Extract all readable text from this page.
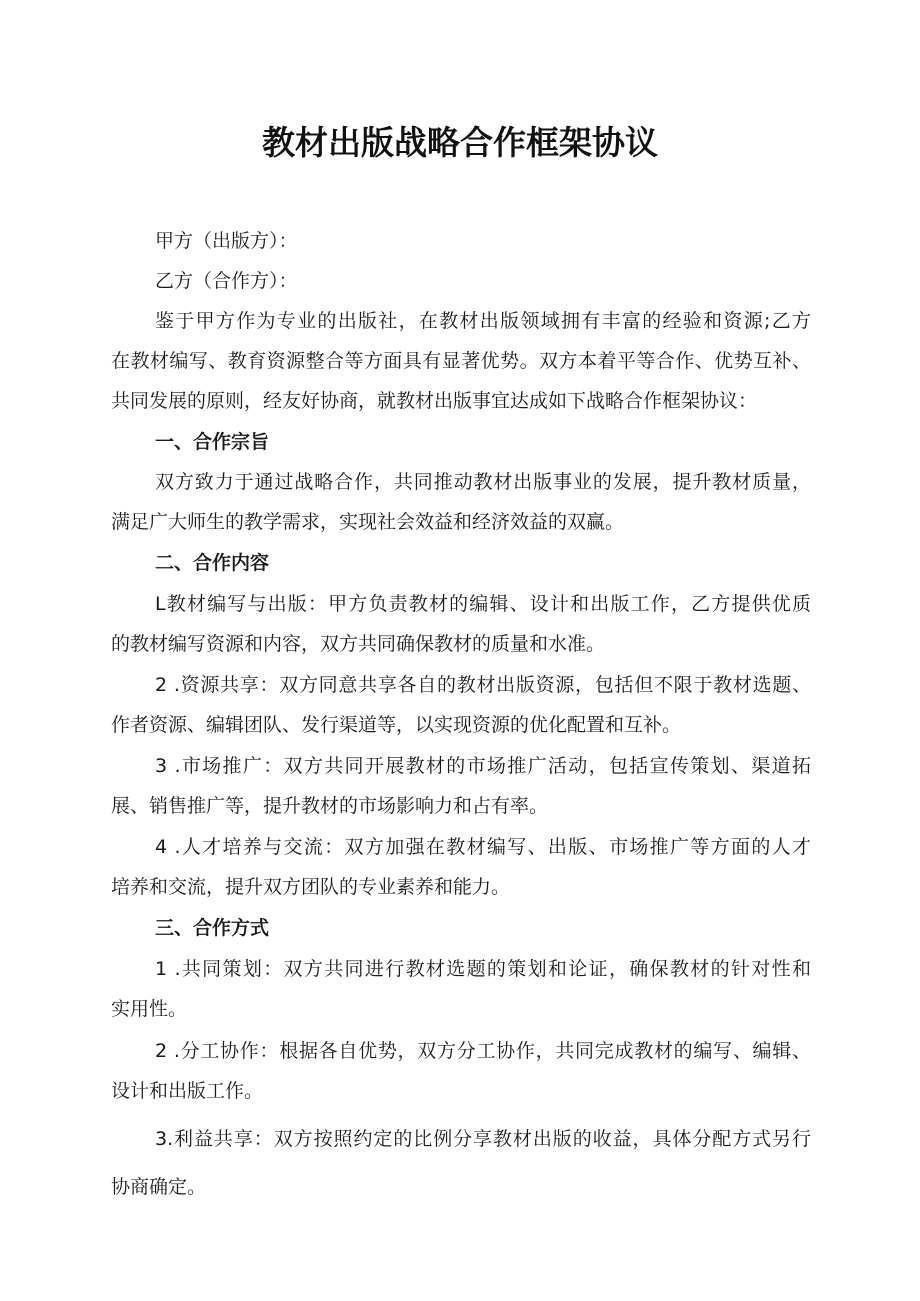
教材出版战略合作框架协议
甲方（出版方）：
乙方（合作方）：
鉴于甲方作为专业的出版社，在教材出版领域拥有丰富的经验和资源;乙方
在教材编写、教育资源整合等方面具有显著优势。双方本着平等合作、优势互补、
共同发展的原则，经友好协商，就教材出版事宜达成如下战略合作框架协议：
一、合作宗旨
双方致力于通过战略合作，共同推动教材出版事业的发展，提升教材质量，
满足广大师生的教学需求，实现社会效益和经济效益的双赢。
二、合作内容
L教材编写与出版：甲方负责教材的编辑、设计和出版工作，乙方提供优质
的教材编写资源和内容，双方共同确保教材的质量和水准。
2 .资源共享：双方同意共享各自的教材出版资源，包括但不限于教材选题、
作者资源、编辑团队、发行渠道等，以实现资源的优化配置和互补。
3 .市场推广：双方共同开展教材的市场推广活动，包括宣传策划、渠道拓
展、销售推广等，提升教材的市场影响力和占有率。
4 .人才培养与交流：双方加强在教材编写、出版、市场推广等方面的人才
培养和交流，提升双方团队的专业素养和能力。
三、合作方式
1 .共同策划：双方共同进行教材选题的策划和论证，确保教材的针对性和
实用性。
2 .分工协作：根据各自优势，双方分工协作，共同完成教材的编写、编辑、
设计和出版工作。
3.利益共享：双方按照约定的比例分享教材出版的收益，具体分配方式另行
协商确定。
